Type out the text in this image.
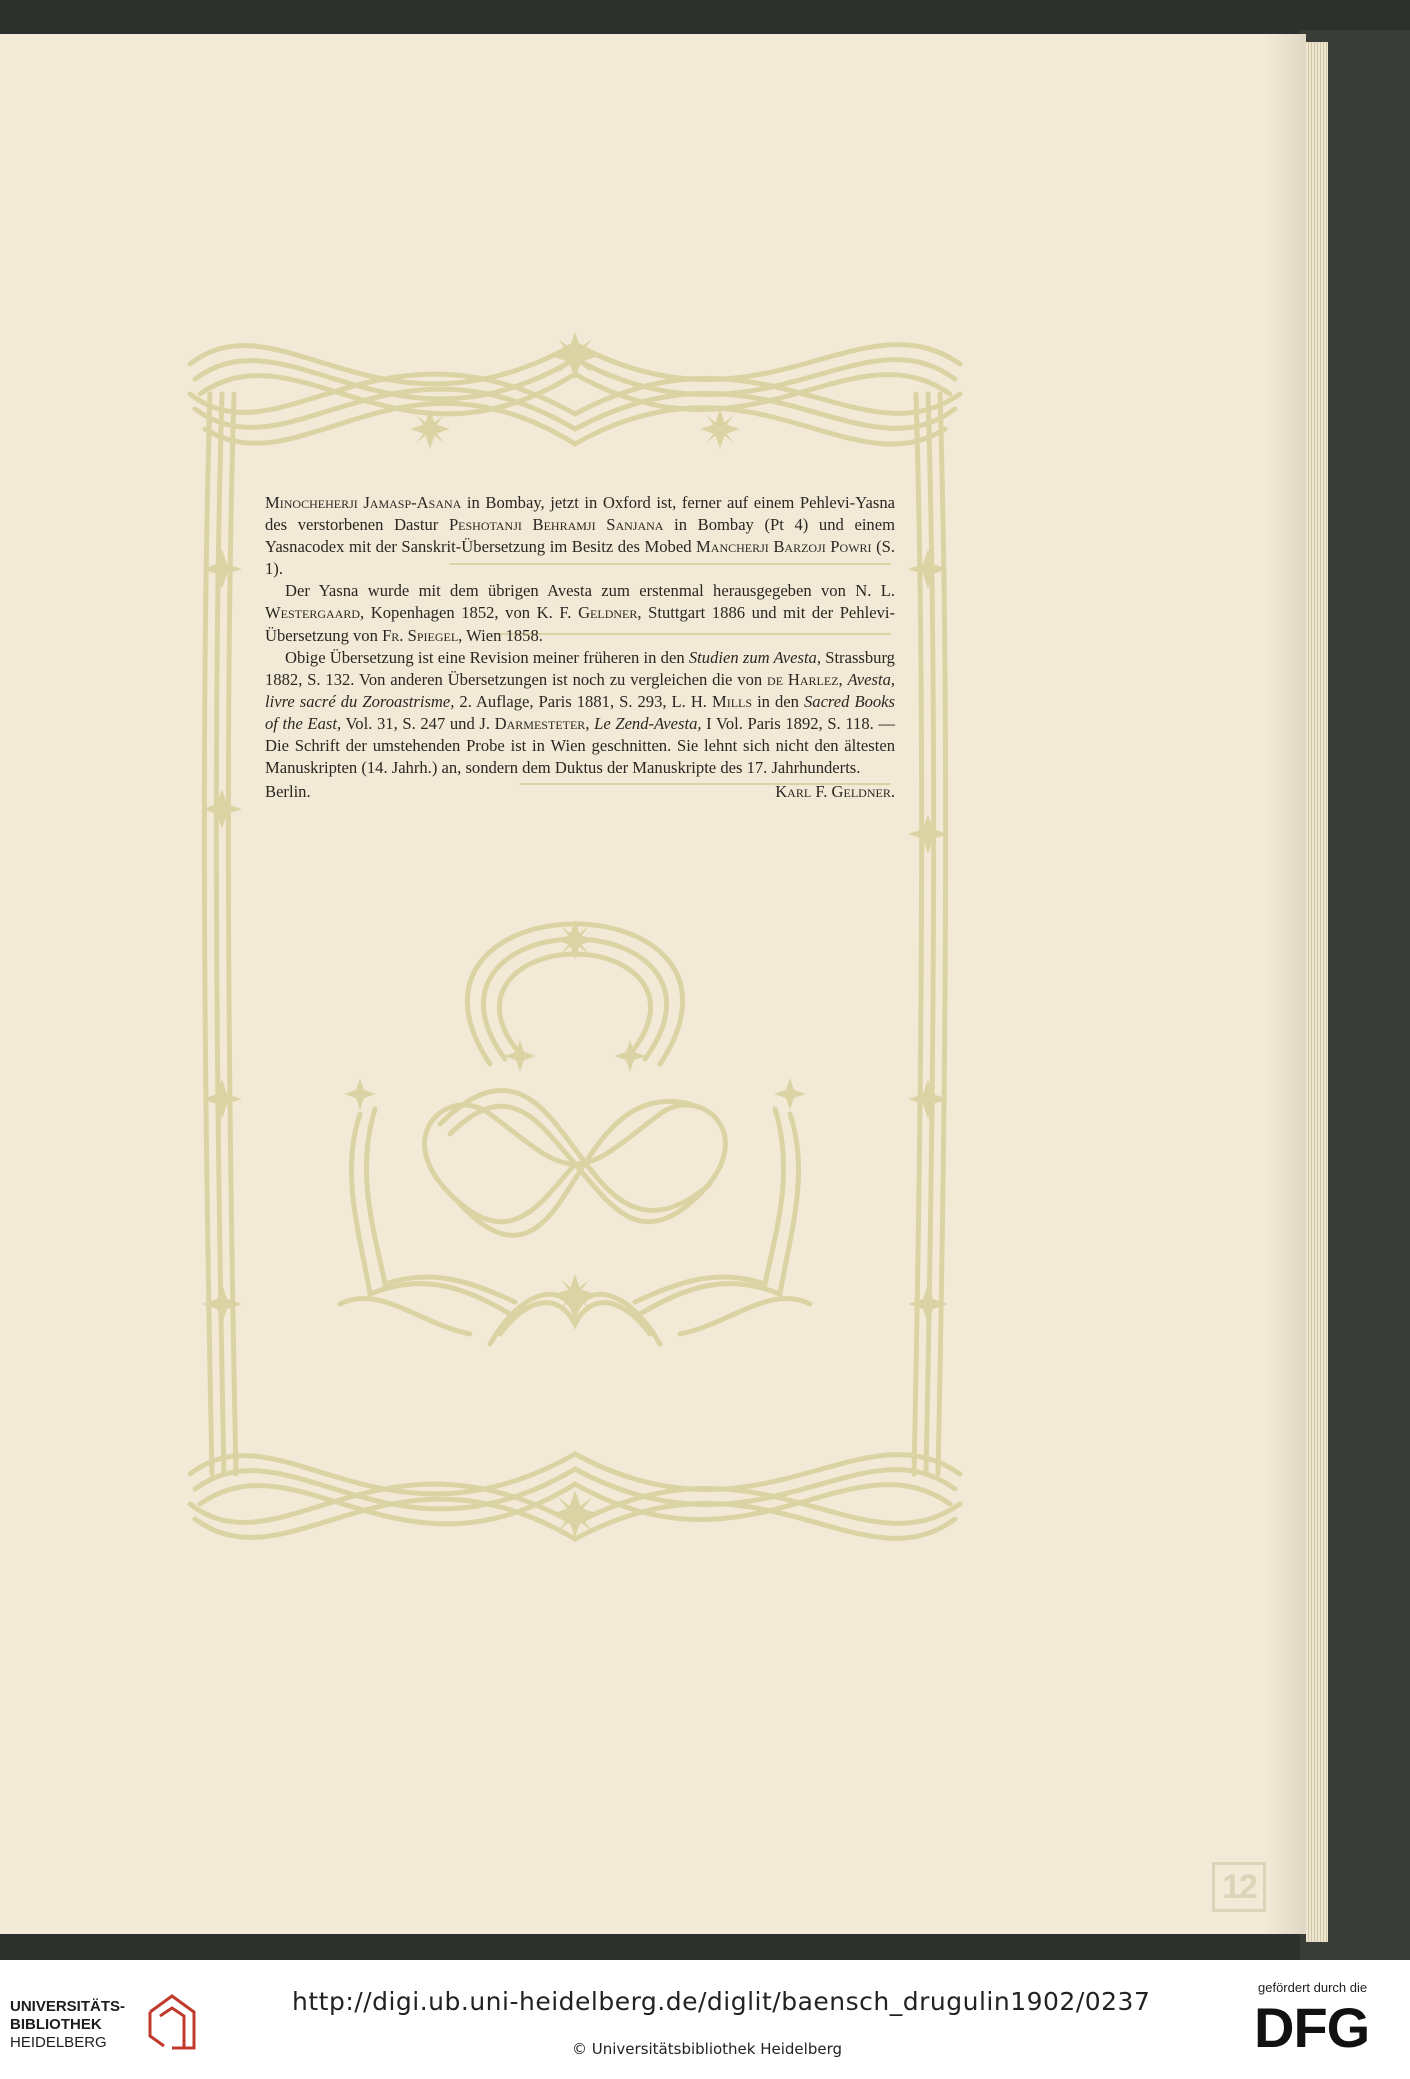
Minocheherji Jamasp-Asana in Bombay, jetzt in Oxford ist, ferner auf einem Pehlevi-Yasna des verstorbenen Dastur Peshotanji Behramji Sanjana in Bombay (Pt 4) und einem Yasnacodex mit der Sanskrit-Übersetzung im Besitz des Mobed Mancherji Barzoji Powri (S. 1).

Der Yasna wurde mit dem übrigen Avesta zum erstenmal herausgegeben von N. L. Westergaard, Kopenhagen 1852, von K. F. Geldner, Stuttgart 1886 und mit der Pehlevi-Übersetzung von Fr. Spiegel, Wien 1858.

Obige Übersetzung ist eine Revision meiner früheren in den Studien zum Avesta, Strassburg 1882, S. 132. Von anderen Übersetzungen ist noch zu vergleichen die von de Harlez, Avesta, livre sacré du Zoroastrisme, 2. Auflage, Paris 1881, S. 293, L. H. Mills in den Sacred Books of the East, Vol. 31, S. 247 und J. Darmesteter, Le Zend-Avesta, I Vol. Paris 1892, S. 118. — Die Schrift der umstehenden Probe ist in Wien geschnitten. Sie lehnt sich nicht den ältesten Manuskripten (14. Jahrh.) an, sondern dem Duktus der Manuskripte des 17. Jahrhunderts.

Berlin.	Karl F. Geldner.
12
UNIVERSITÄTS-
BIBLIOTHEK
HEIDELBERG
http://digi.ub.uni-heidelberg.de/diglit/baensch_drugulin1902/0237
© Universitätsbibliothek Heidelberg
gefördert durch die
DFG
